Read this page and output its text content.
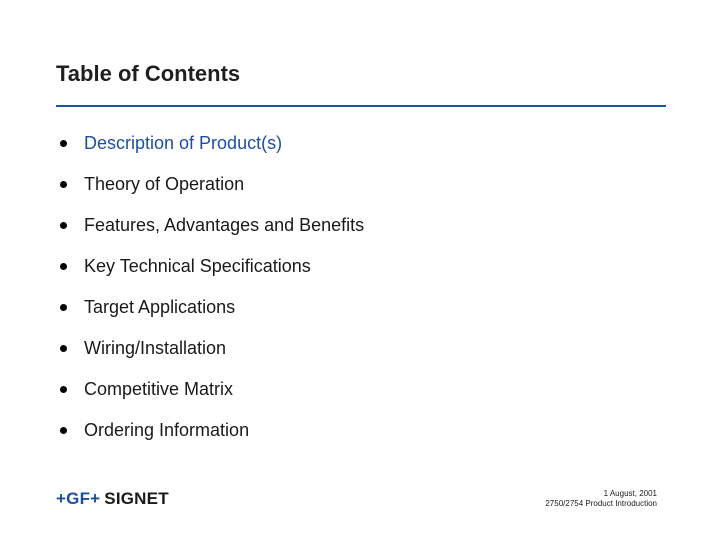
Table of Contents
Description of Product(s)
Theory of Operation
Features, Advantages and Benefits
Key Technical Specifications
Target Applications
Wiring/Installation
Competitive Matrix
Ordering Information
+GF+ SIGNET	1 August, 2001
2750/2754 Product Introduction
